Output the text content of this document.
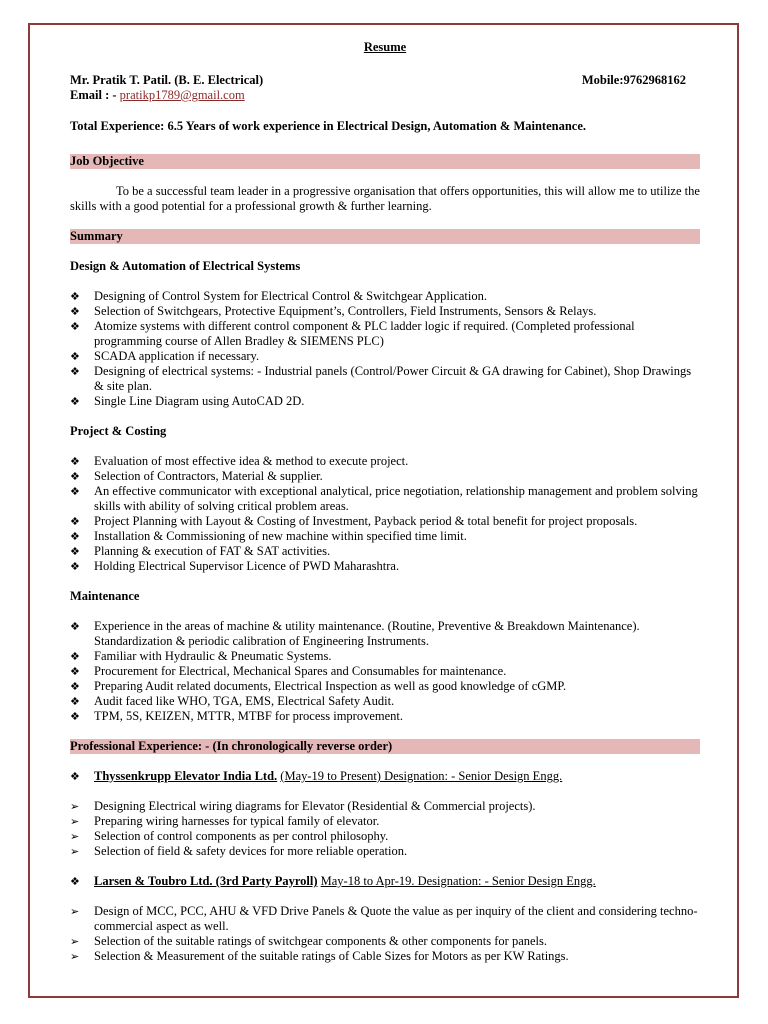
Resume
Mr. Pratik T. Patil. (B. E. Electrical)	Mobile:9762968162
Email : - pratikp1789@gmail.com
Total Experience: 6.5 Years of work experience in Electrical Design, Automation & Maintenance.
Job Objective
To be a successful team leader in a progressive organisation that offers opportunities, this will allow me to utilize the skills with a good potential for a professional growth & further learning.
Summary
Design & Automation of Electrical Systems
❖	Designing of Control System for Electrical Control & Switchgear Application.
❖	Selection of Switchgears, Protective Equipment’s, Controllers, Field Instruments, Sensors & Relays.
❖	Atomize systems with different control component & PLC ladder logic if required. (Completed professional programming course of Allen Bradley & SIEMENS PLC)
❖	SCADA application if necessary.
❖	Designing of electrical systems: - Industrial panels (Control/Power Circuit & GA drawing for Cabinet), Shop Drawings & site plan.
❖	Single Line Diagram using AutoCAD 2D.
Project & Costing
❖	Evaluation of most effective idea & method to execute project.
❖	Selection of Contractors, Material & supplier.
❖	An effective communicator with exceptional analytical, price negotiation, relationship management and problem solving skills with ability of solving critical problem areas.
❖	Project Planning with Layout & Costing of Investment, Payback period & total benefit for project proposals.
❖	Installation & Commissioning of new machine within specified time limit.
❖	Planning & execution of FAT & SAT activities.
❖	Holding Electrical Supervisor Licence of PWD Maharashtra.
Maintenance
❖	Experience in the areas of machine & utility maintenance. (Routine, Preventive & Breakdown Maintenance). Standardization & periodic calibration of Engineering Instruments.
❖	Familiar with Hydraulic & Pneumatic Systems.
❖	Procurement for Electrical, Mechanical Spares and Consumables for maintenance.
❖	Preparing Audit related documents, Electrical Inspection as well as good knowledge of cGMP.
❖	Audit faced like WHO, TGA, EMS, Electrical Safety Audit.
❖	TPM, 5S, KEIZEN, MTTR, MTBF for process improvement.
Professional Experience: - (In chronologically reverse order)
❖ Thyssenkrupp Elevator India Ltd. (May-19 to Present) Designation: - Senior Design Engg.
➢	Designing Electrical wiring diagrams for Elevator (Residential & Commercial projects).
➢	Preparing wiring harnesses for typical family of elevator.
➢	Selection of control components as per control philosophy.
➢	Selection of field & safety devices for more reliable operation.
❖ Larsen & Toubro Ltd. (3rd Party Payroll) May-18 to Apr-19. Designation: - Senior Design Engg.
➢	Design of MCC, PCC, AHU & VFD Drive Panels & Quote the value as per inquiry of the client and considering techno-commercial aspect as well.
➢	Selection of the suitable ratings of switchgear components & other components for panels.
➢	Selection & Measurement of the suitable ratings of Cable Sizes for Motors as per KW Ratings.
